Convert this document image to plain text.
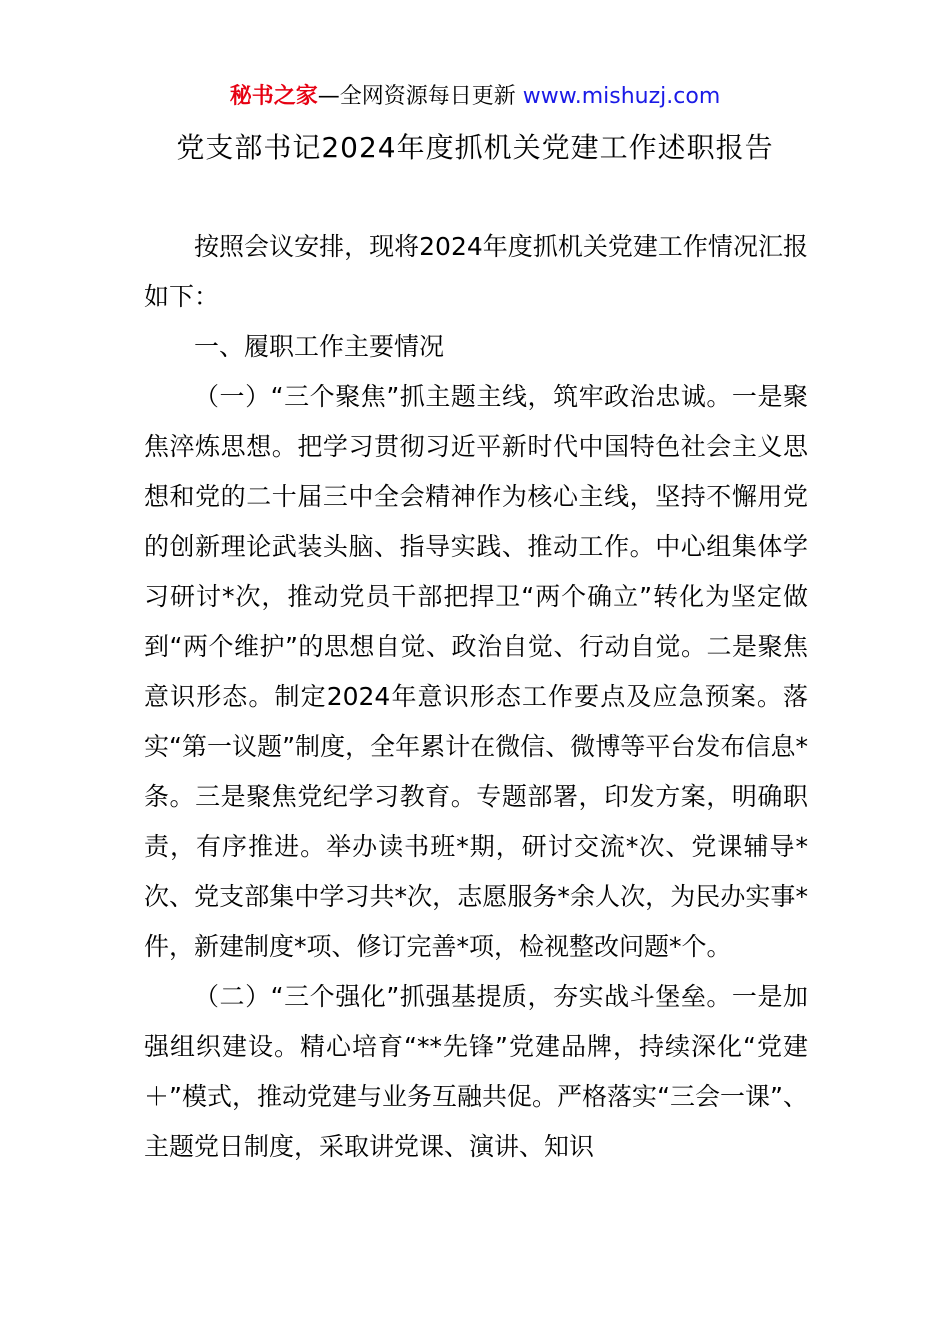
秘书之家—全网资源每日更新 www.mishuzj.com
党支部书记2024年度抓机关党建工作述职报告

按照会议安排，现将2024年度抓机关党建工作情况汇报如下：

一、履职工作主要情况

（一）“三个聚焦”抓主题主线，筑牢政治忠诚。一是聚焦淬炼思想。把学习贯彻习近平新时代中国特色社会主义思想和党的二十届三中全会精神作为核心主线，坚持不懈用党的创新理论武装头脑、指导实践、推动工作。中心组集体学习研讨*次，推动党员干部把捍卫“两个确立”转化为坚定做到“两个维护”的思想自觉、政治自觉、行动自觉。二是聚焦意识形态。制定2024年意识形态工作要点及应急预案。落实“第一议题”制度，全年累计在微信、微博等平台发布信息*条。三是聚焦党纪学习教育。专题部署，印发方案，明确职责，有序推进。举办读书班*期，研讨交流*次、党课辅导*次、党支部集中学习共*次，志愿服务*余人次，为民办实事*件，新建制度*项、修订完善*项，检视整改问题*个。

（二）“三个强化”抓强基提质，夯实战斗堡垒。一是加强组织建设。精心培育“**先锋”党建品牌，持续深化“党建＋”模式，推动党建与业务互融共促。严格落实“三会一课”、主题党日制度，采取讲党课、演讲、知识
